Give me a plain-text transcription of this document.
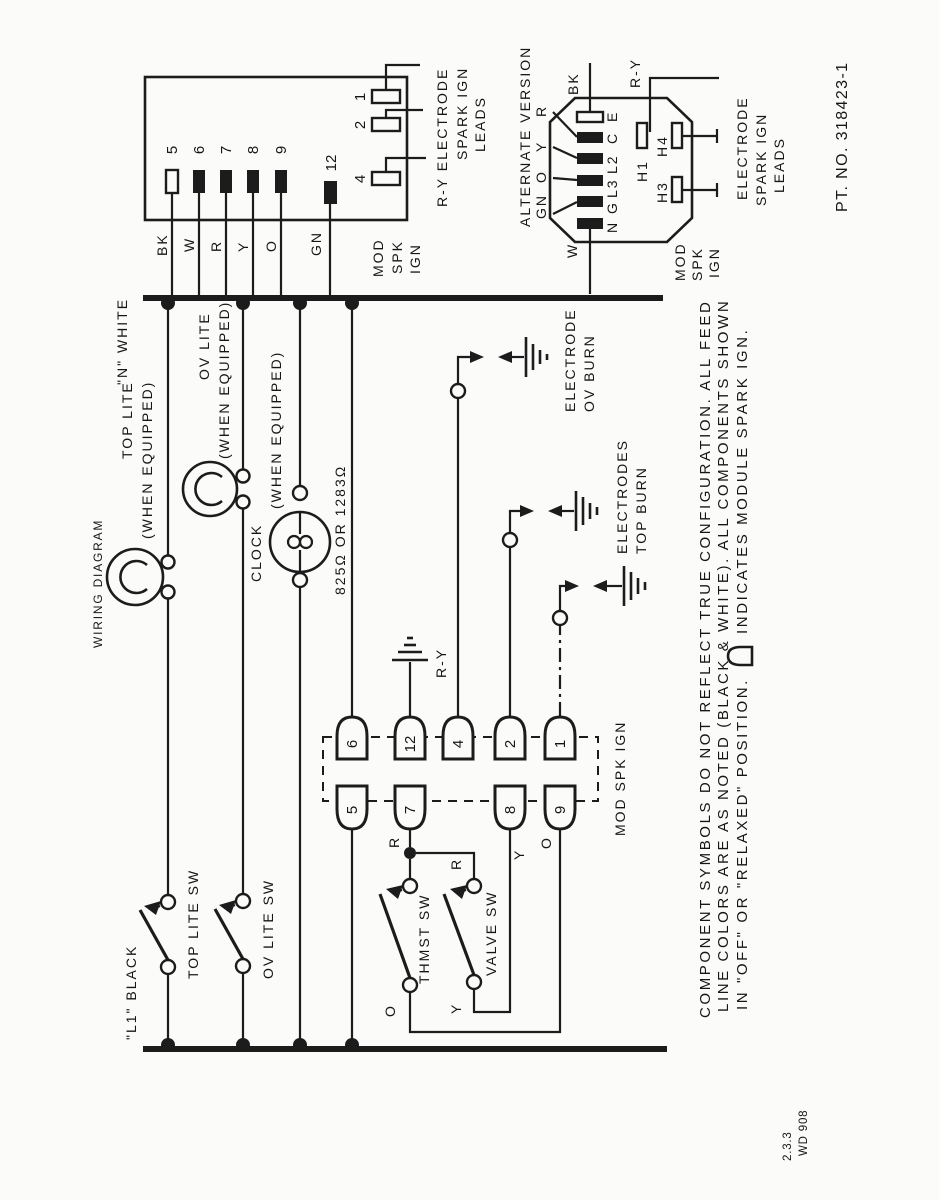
WIRING DIAGRAM
PT. NO. 318423-1
2.3.3 WD 908
5 6 7 8 9
12
BK W R Y O GN	MOD SPK IGN
1
2
4	R-Y ELECTRODE SPARK IGN LEADS ALTERNATE VERSION	E
C
L2
L3
G
N
BK
W
R
Y
O
GN
H1
H4
H3
R-Y
ELECTRODE SPARK IGN LEADS
MOD SPK IGN
"N" WHITE
"L1" BLACK
TOP LITE (WHEN EQUIPPED)
TOP LITE SW
OV LITE (WHEN EQUIPPED)
OV LITE SW
CLOCK
(WHEN EQUIPPED)
825Ω OR 1283Ω
6	12 4 2 1
5	7	8 9	MOD SPK IGN
R-Y
ELECTRODE OV BURN
ELECTRODES TOP BURN
R
R
THMST SW
O
O
VALVE SW
Y
Y	COMPONENT SYMBOLS DO NOT REFLECT TRUE CONFIGURATION. ALL FEED LINE COLORS ARE AS NOTED (BLACK & WHITE). ALL COMPONENTS SHOWN IN "OFF" OR "RELAXED" POSITION.
INDICATES MODULE SPARK IGN.
